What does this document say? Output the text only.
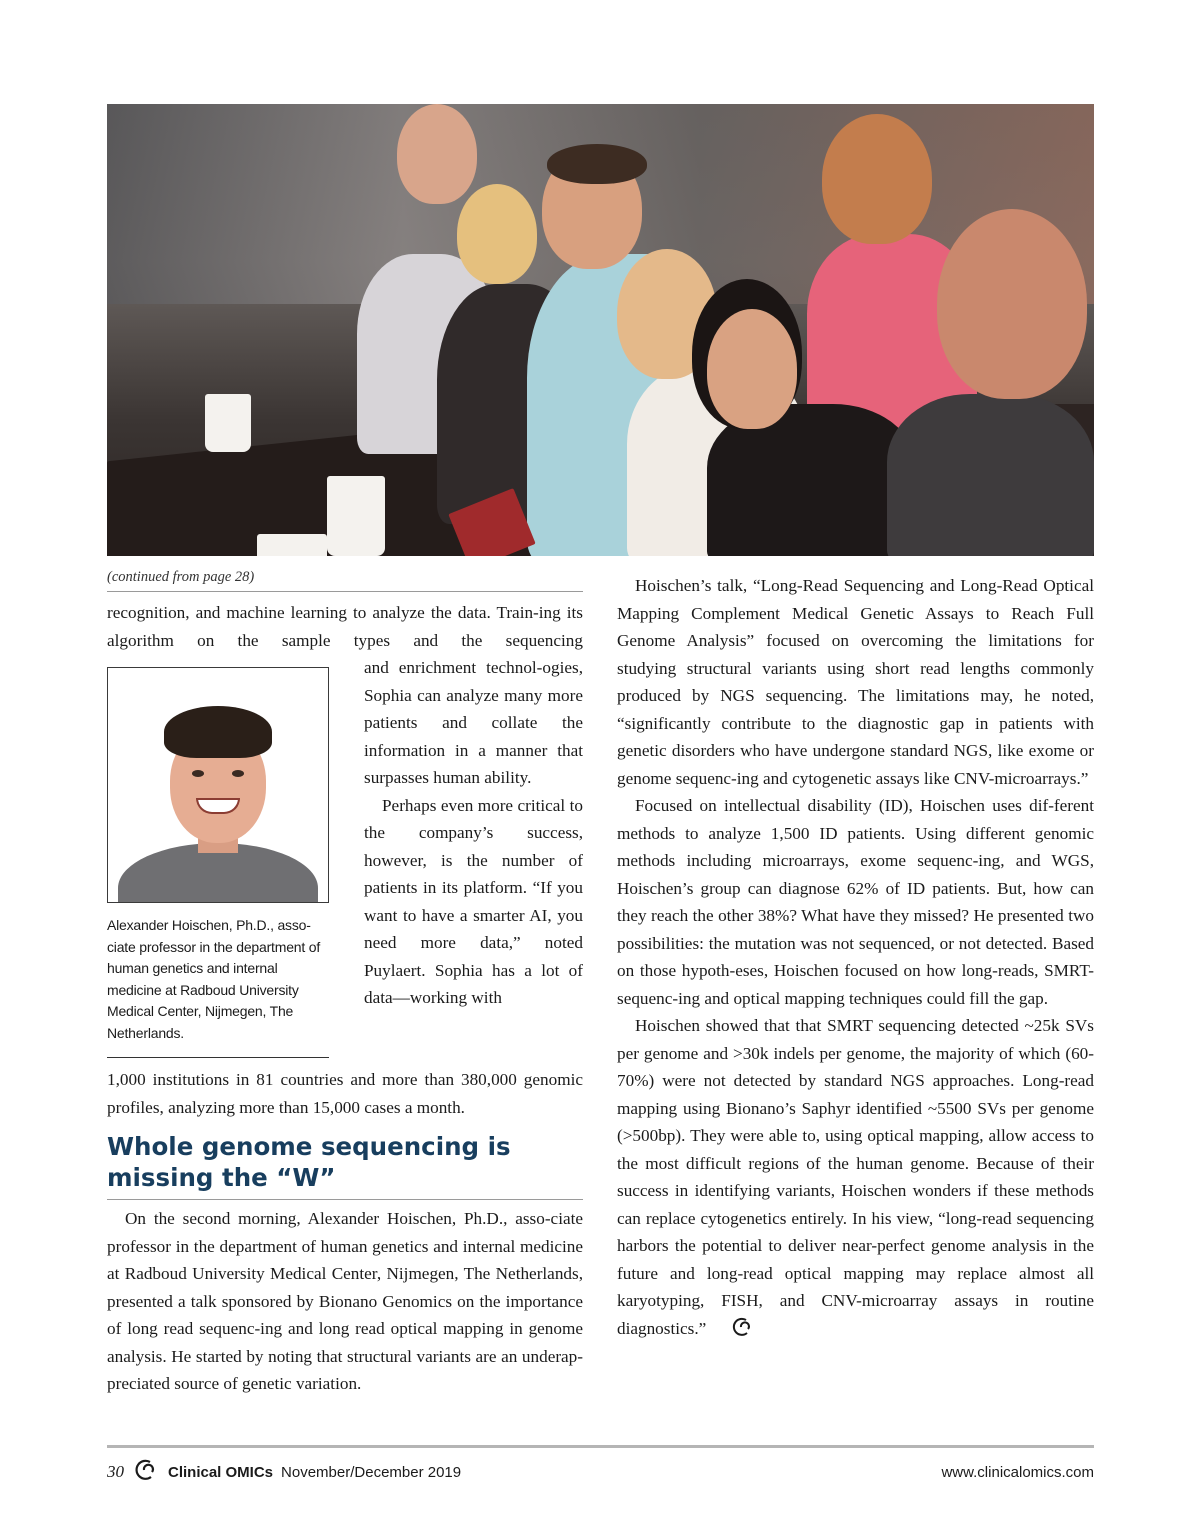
(continued from page 28)
recognition, and machine learning to analyze the data. Train-ing its algorithm on the sample types and the sequencing
Alexander Hoischen, Ph.D., asso-ciate professor in the department of human genetics and internal medicine at Radboud University Medical Center, Nijmegen, The Netherlands.
and enrichment technol-ogies, Sophia can analyze many more patients and collate the information in a manner that surpasses human ability.
Perhaps even more critical to the company’s success, however, is the number of patients in its platform. “If you want to have a smarter AI, you need more data,” noted Puylaert. Sophia has a lot of data—working with
1,000 institutions in 81 countries and more than 380,000 genomic profiles, analyzing more than 15,000 cases a month.
Whole genome sequencing is missing the “W”
On the second morning, Alexander Hoischen, Ph.D., asso-ciate professor in the department of human genetics and internal medicine at Radboud University Medical Center, Nijmegen, The Netherlands, presented a talk sponsored by Bionano Genomics on the importance of long read sequenc-ing and long read optical mapping in genome analysis. He started by noting that structural variants are an underap-preciated source of genetic variation.

Hoischen’s talk, “Long-Read Sequencing and Long-Read Optical Mapping Complement Medical Genetic Assays to Reach Full Genome Analysis” focused on overcoming the limitations for studying structural variants using short read lengths commonly produced by NGS sequencing. The limitations may, he noted, “significantly contribute to the diagnostic gap in patients with genetic disorders who have undergone standard NGS, like exome or genome sequenc-ing and cytogenetic assays like CNV-microarrays.”

Focused on intellectual disability (ID), Hoischen uses dif-ferent methods to analyze 1,500 ID patients. Using different genomic methods including microarrays, exome sequenc-ing, and WGS, Hoischen’s group can diagnose 62% of ID patients. But, how can they reach the other 38%? What have they missed? He presented two possibilities: the mutation was not sequenced, or not detected. Based on those hypoth-eses, Hoischen focused on how long-reads, SMRT-sequenc-ing and optical mapping techniques could fill the gap.

Hoischen showed that that SMRT sequencing detected ~25k SVs per genome and >30k indels per genome, the majority of which (60-70%) were not detected by standard NGS approaches. Long-read mapping using Bionano’s Saphyr identified ~5500 SVs per genome (>500bp). They were able to, using optical mapping, allow access to the most difficult regions of the human genome. Because of their success in identifying variants, Hoischen wonders if these methods can replace cytogenetics entirely. In his view, “long-read sequencing harbors the potential to deliver near-perfect genome analysis in the future and long-read optical mapping may replace almost all karyotyping, FISH, and CNV-microarray assays in routine diagnostics.”

30	Clinical OMICs November/December 2019	www.clinicalomics.com
